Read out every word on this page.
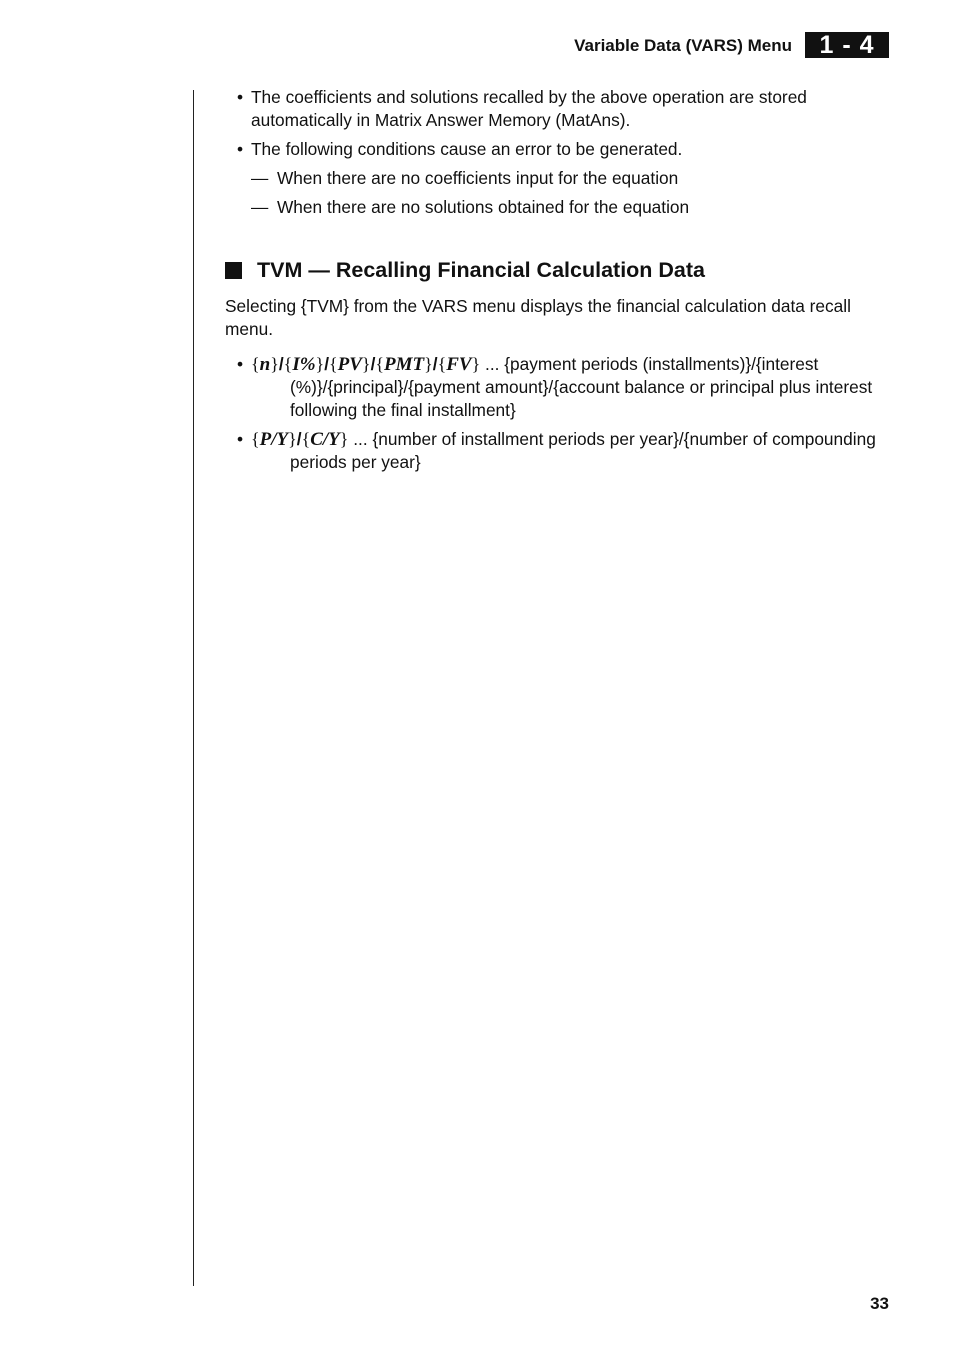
Variable Data (VARS) Menu	1 - 4
• The coefficients and solutions recalled by the above operation are stored automatically in Matrix Answer Memory (MatAns).
• The following conditions cause an error to be generated.
— When there are no coefficients input for the equation
— When there are no solutions obtained for the equation
TVM — Recalling Financial Calculation Data
Selecting {TVM} from the VARS menu displays the financial calculation data recall menu.
• {n}/{I%}/{PV}/{PMT}/{FV} ... {payment periods (installments)}/{interest (%)}/{principal}/{payment amount}/{account balance or principal plus interest following the final installment}
• {P/Y}/{C/Y} ... {number of installment periods per year}/{number of compounding periods per year}
33
